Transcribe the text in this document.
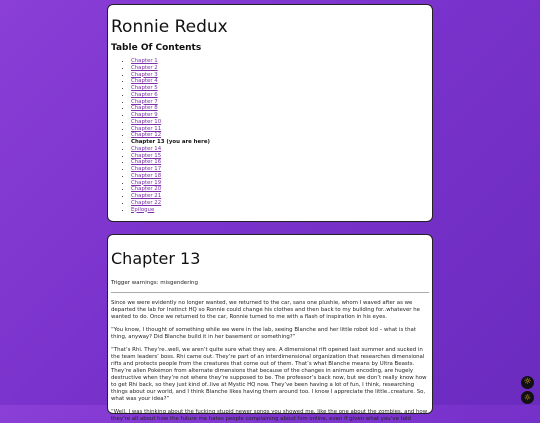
Ronnie Redux
Table Of Contents
• Chapter 1
• Chapter 2
• Chapter 3
• Chapter 4
• Chapter 5
• Chapter 6
• Chapter 7
• Chapter 8
• Chapter 9
• Chapter 10
• Chapter 11
• Chapter 12
• Chapter 13 (you are here)
• Chapter 14
• Chapter 15
• Chapter 16
• Chapter 17
• Chapter 18
• Chapter 19
• Chapter 20
• Chapter 21
• Chapter 22
• Epilogue
Chapter 13
Trigger warnings: misgendering

Since we were evidently no longer wanted, we returned to the car, sans one plushie, whom I waved after as we departed the lab for Instinct HQ so Ronnie could change his clothes and then back to my building for..whatever he wanted to do. Once we returned to the car, Ronnie turned to me with a flash of inspiration in his eyes.

“You know, I thought of something while we were in the lab, seeing Blanche and her little robot kid – what is that thing, anyway? Did Blanche build it in her basement or something?”

“That’s Rhi. They’re..well, we aren’t quite sure what they are. A dimensional rift opened last summer and sucked in the team leaders’ boss. Rhi came out. They’re part of an interdimensional organization that researches dimensional rifts and protects people from the creatures that come out of them. That’s what Blanche means by Ultra Beasts. They’re alien Pokémon from alternate dimensions that because of the changes in animum encoding, are hugely destructive when they’re not where they’re supposed to be. The professor’s back now, but we don’t really know how to get Rhi back, so they just kind of..live at Mystic HQ now. They’ve been having a lot of fun, I think, researching things about our world, and I think Blanche likes having them around too. I know I appreciate the little..creature. So, what was your idea?”

“Well, I was thinking about the fucking stupid newer songs you showed me, like the one about the zombies, and how they’re all about how the future me hates people complaining about him online, even if given what you’ve told

☼
☼
